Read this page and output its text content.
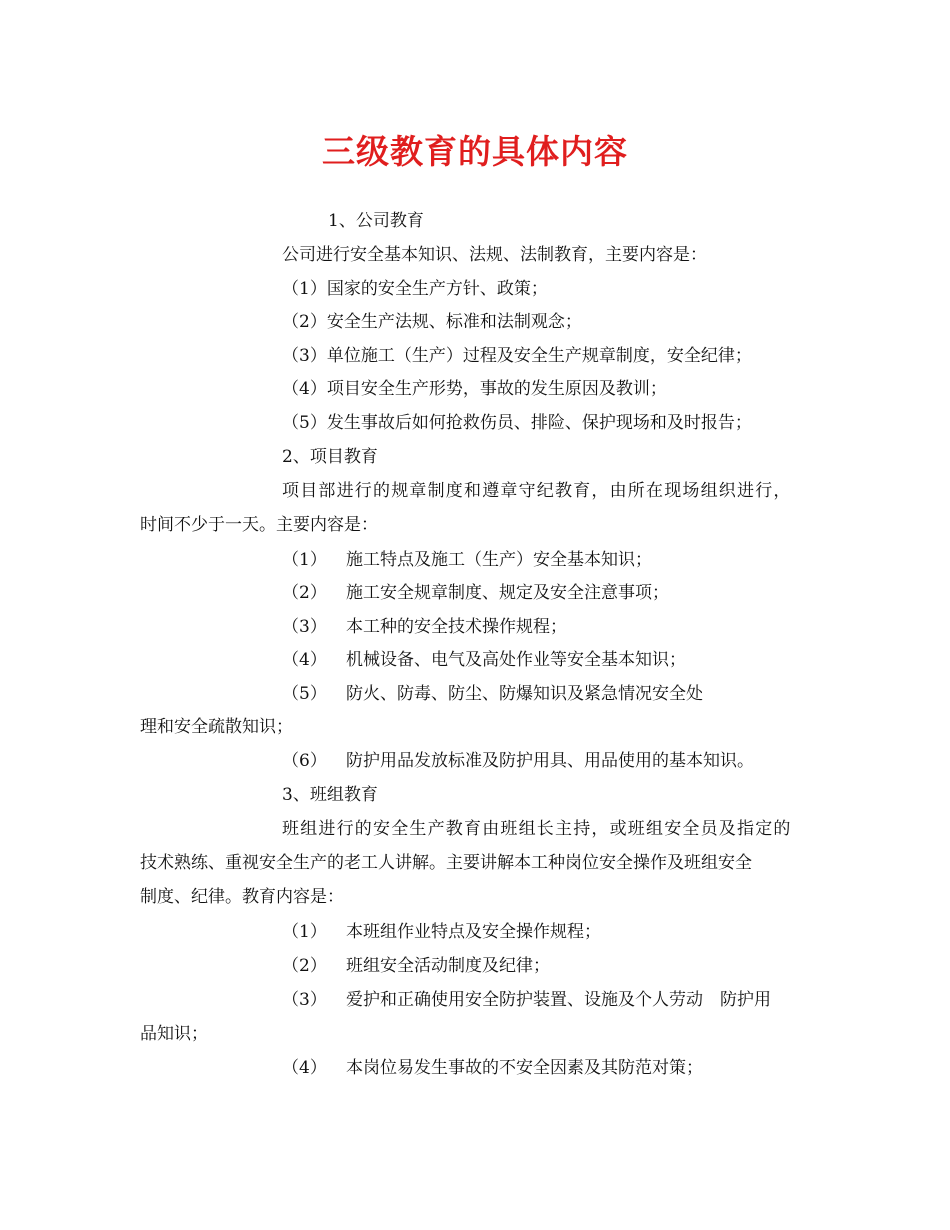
三级教育的具体内容
1、公司教育
公司进行安全基本知识、法规、法制教育，主要内容是：
（1）国家的安全生产方针、政策；
（2）安全生产法规、标准和法制观念；
（3）单位施工（生产）过程及安全生产规章制度，安全纪律；
（4）项目安全生产形势，事故的发生原因及教训；
（5）发生事故后如何抢救伤员、排险、保护现场和及时报告；
2、项目教育
项目部进行的规章制度和遵章守纪教育，由所在现场组织进行，
时间不少于一天。主要内容是：
（1） 施工特点及施工（生产）安全基本知识；
（2） 施工安全规章制度、规定及安全注意事项；
（3） 本工种的安全技术操作规程；
（4） 机械设备、电气及高处作业等安全基本知识；
（5） 防火、防毒、防尘、防爆知识及紧急情况安全处
理和安全疏散知识；
（6） 防护用品发放标准及防护用具、用品使用的基本知识。
3、班组教育
班组进行的安全生产教育由班组长主持，或班组安全员及指定的
技术熟练、重视安全生产的老工人讲解。主要讲解本工种岗位安全操作及班组安全
制度、纪律。教育内容是：
（1） 本班组作业特点及安全操作规程；
（2） 班组安全活动制度及纪律；
（3） 爱护和正确使用安全防护装置、设施及个人劳动　防护用
品知识；
（4） 本岗位易发生事故的不安全因素及其防范对策；
